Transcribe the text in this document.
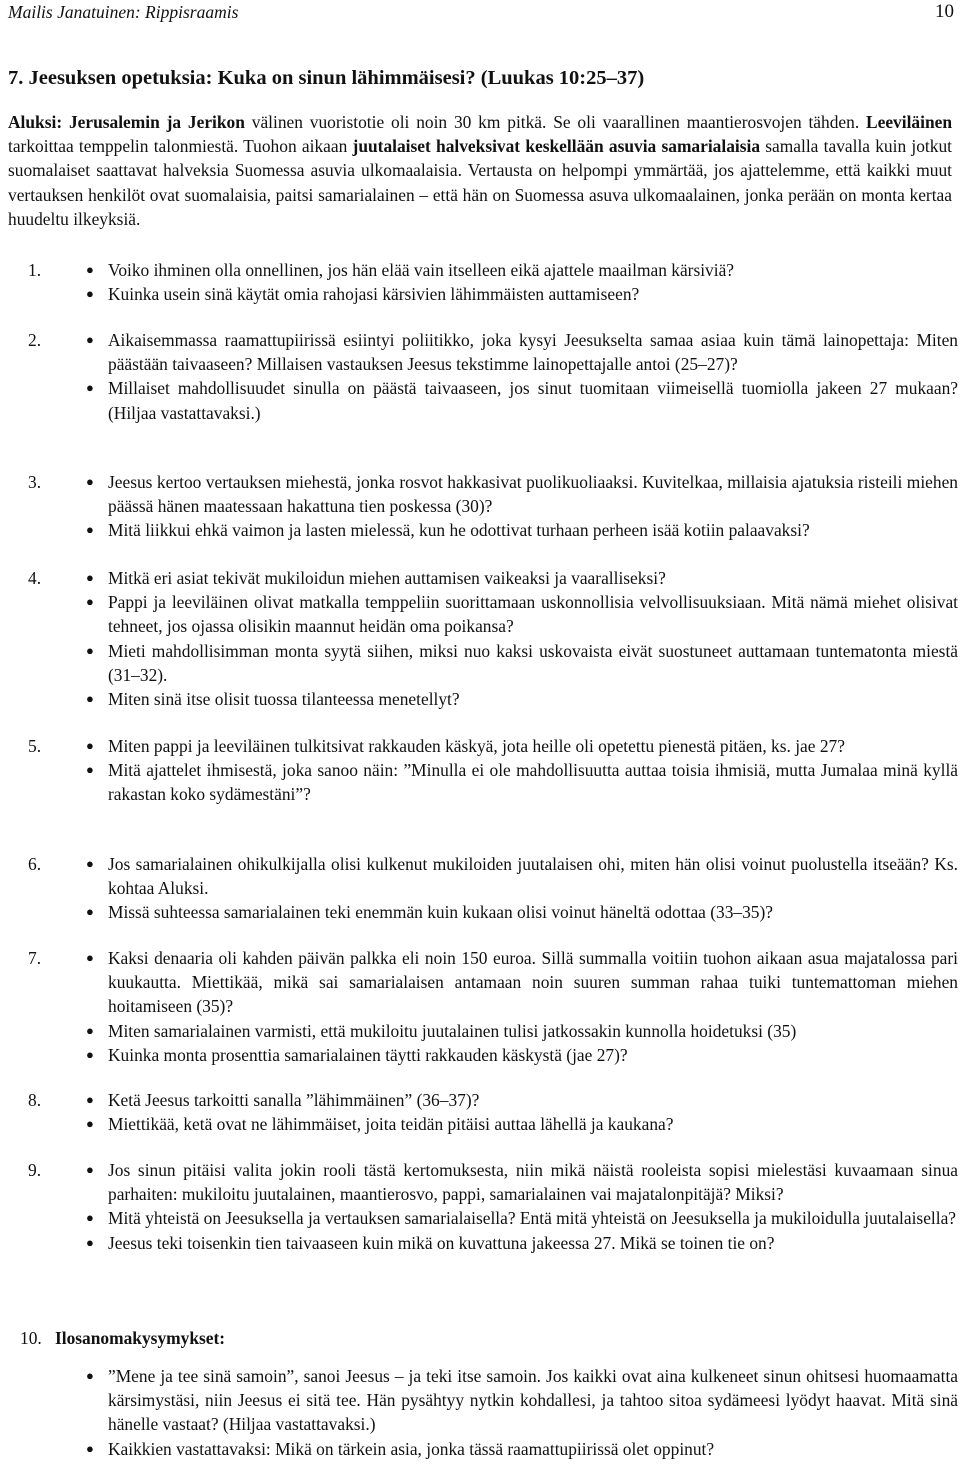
Mailis Janatuinen: Rippisraamis	10
7. Jeesuksen opetuksia: Kuka on sinun lähimmäisesi? (Luukas 10:25–37)

Aluksi: Jerusalemin ja Jerikon välinen vuoristotie oli noin 30 km pitkä. Se oli vaarallinen maantierosvojen tähden. Leeviläinen tarkoittaa temppelin talonmiestä. Tuohon aikaan juutalaiset halveksivat keskellään asuvia samarialaisia samalla tavalla kuin jotkut suomalaiset saattavat halveksia Suomessa asuvia ulkomaalaisia. Vertausta on helpompi ymmärtää, jos ajattelemme, että kaikki muut vertauksen henkilöt ovat suomalaisia, paitsi samarialainen – että hän on Suomessa asuva ulkomaalainen, jonka perään on monta kertaa huudeltu ilkeyksiä.

1.	● Voiko ihminen olla onnellinen, jos hän elää vain itselleen eikä ajattele maailman kärsiviä?
● Kuinka usein sinä käytät omia rahojasi kärsivien lähimmäisten auttamiseen?
2.	● Aikaisemmassa raamattupiirissä esiintyi poliitikko, joka kysyi Jeesukselta samaa asiaa kuin tämä lainopettaja: Miten päästään taivaaseen? Millaisen vastauksen Jeesus tekstimme lainopettajalle antoi (25–27)?
● Millaiset mahdollisuudet sinulla on päästä taivaaseen, jos sinut tuomitaan viimeisellä tuomiolla jakeen 27 mukaan? (Hiljaa vastattavaksi.)
3.	● Jeesus kertoo vertauksen miehestä, jonka rosvot hakkasivat puolikuoliaaksi. Kuvitelkaa, millaisia ajatuksia risteili miehen päässä hänen maatessaan hakattuna tien poskessa (30)?
● Mitä liikkui ehkä vaimon ja lasten mielessä, kun he odottivat turhaan perheen isää kotiin palaavaksi?
4.	● Mitkä eri asiat tekivät mukiloidun miehen auttamisen vaikeaksi ja vaaralliseksi?
● Pappi ja leeviläinen olivat matkalla temppeliin suorittamaan uskonnollisia velvollisuuksiaan. Mitä nämä miehet olisivat tehneet, jos ojassa olisikin maannut heidän oma poikansa?
● Mieti mahdollisimman monta syytä siihen, miksi nuo kaksi uskovaista eivät suostuneet auttamaan tuntematonta miestä (31–32).
● Miten sinä itse olisit tuossa tilanteessa menetellyt?
5.	● Miten pappi ja leeviläinen tulkitsivat rakkauden käskyä, jota heille oli opetettu pienestä pitäen, ks. jae 27?
● Mitä ajattelet ihmisestä, joka sanoo näin: ”Minulla ei ole mahdollisuutta auttaa toisia ihmisiä, mutta Jumalaa minä kyllä rakastan koko sydämestäni”?
6.	● Jos samarialainen ohikulkijalla olisi kulkenut mukiloiden juutalaisen ohi, miten hän olisi voinut puolustella itseään? Ks. kohtaa Aluksi.
● Missä suhteessa samarialainen teki enemmän kuin kukaan olisi voinut häneltä odottaa (33–35)?
7.	● Kaksi denaaria oli kahden päivän palkka eli noin 150 euroa. Sillä summalla voitiin tuohon aikaan asua majatalossa pari kuukautta. Miettikää, mikä sai samarialaisen antamaan noin suuren summan rahaa tuiki tuntemattoman miehen hoitamiseen (35)?
● Miten samarialainen varmisti, että mukiloitu juutalainen tulisi jatkossakin kunnolla hoidetuksi (35)
● Kuinka monta prosenttia samarialainen täytti rakkauden käskystä (jae 27)?
8.	● Ketä Jeesus tarkoitti sanalla ”lähimmäinen” (36–37)?
● Miettikää, ketä ovat ne lähimmäiset, joita teidän pitäisi auttaa lähellä ja kaukana?
9.	● Jos sinun pitäisi valita jokin rooli tästä kertomuksesta, niin mikä näistä rooleista sopisi mielestäsi kuvaamaan sinua parhaiten: mukiloitu juutalainen, maantierosvo, pappi, samarialainen vai majatalonpitäjä? Miksi?
● Mitä yhteistä on Jeesuksella ja vertauksen samarialaisella? Entä mitä yhteistä on Jeesuksella ja mukiloidulla juutalaisella?
● Jeesus teki toisenkin tien taivaaseen kuin mikä on kuvattuna jakeessa 27. Mikä se toinen tie on?
10. Ilosanomakysymykset:
● ”Mene ja tee sinä samoin”, sanoi Jeesus – ja teki itse samoin. Jos kaikki ovat aina kulkeneet sinun ohitsesi huomaamatta kärsimystäsi, niin Jeesus ei sitä tee. Hän pysähtyy nytkin kohdallesi, ja tahtoo sitoa sydämeesi lyödyt haavat. Mitä sinä hänelle vastaat? (Hiljaa vastattavaksi.)
● Kaikkien vastattavaksi: Mikä on tärkein asia, jonka tässä raamattupiirissä olet oppinut?
